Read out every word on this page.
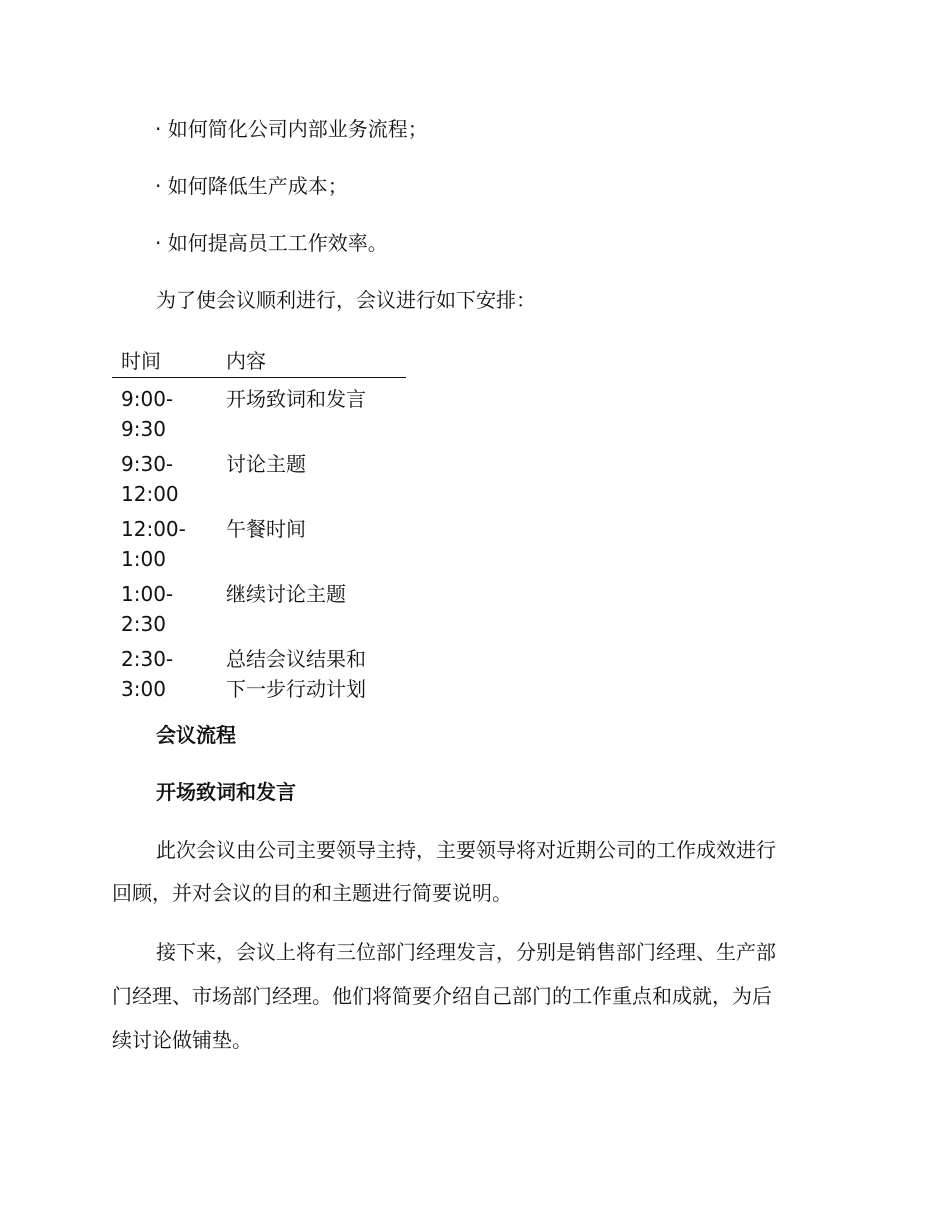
· 如何简化公司内部业务流程；
· 如何降低生产成本；
· 如何提高员工工作效率。
为了使会议顺利进行，会议进行如下安排：
时间	内容
9:00-
9:30
开场致词和发言
9:30-
12:00
讨论主题
12:00-
1:00
午餐时间
1:00-
2:30
继续讨论主题
2:30-
3:00
总结会议结果和
下一步行动计划
会议流程
开场致词和发言
此次会议由公司主要领导主持，主要领导将对近期公司的工作成效进行
回顾，并对会议的目的和主题进行简要说明。
接下来，会议上将有三位部门经理发言，分别是销售部门经理、生产部
门经理、市场部门经理。他们将简要介绍自己部门的工作重点和成就，为后
续讨论做铺垫。
